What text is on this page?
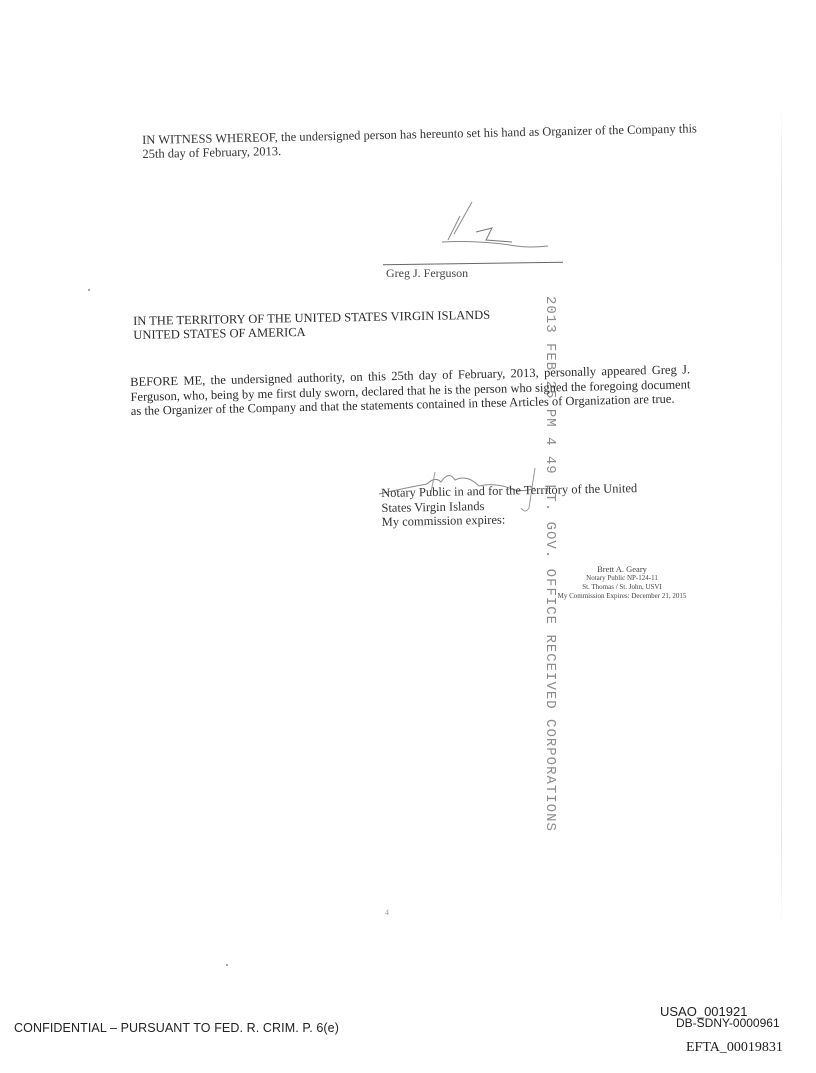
IN WITNESS WHEREOF, the undersigned person has hereunto set his hand as Organizer of the Company this 25th day of February, 2013.
Greg J. Ferguson
IN THE TERRITORY OF THE UNITED STATES VIRGIN ISLANDS
UNITED STATES OF AMERICA	2013 FEB 25 PM 4 49 LT. GOV. OFFICE RECEIVED CORPORATIONS
BEFORE ME, the undersigned authority, on this 25th day of February, 2013, personally appeared Greg J. Ferguson, who, being by me first duly sworn, declared that he is the person who signed the foregoing document as the Organizer of the Company and that the statements contained in these Articles of Organization are true.
Notary Public in and for the Territory of the United
States Virgin Islands
My commission expires:
Brett A. Geary
Notary Public NP-124-11
St. Thomas / St. John, USVI
My Commission Expires: December 21, 2015
4
CONFIDENTIAL – PURSUANT TO FED. R. CRIM. P. 6(e)
USAO_001921
DB-SDNY-0000961
EFTA_00019831
